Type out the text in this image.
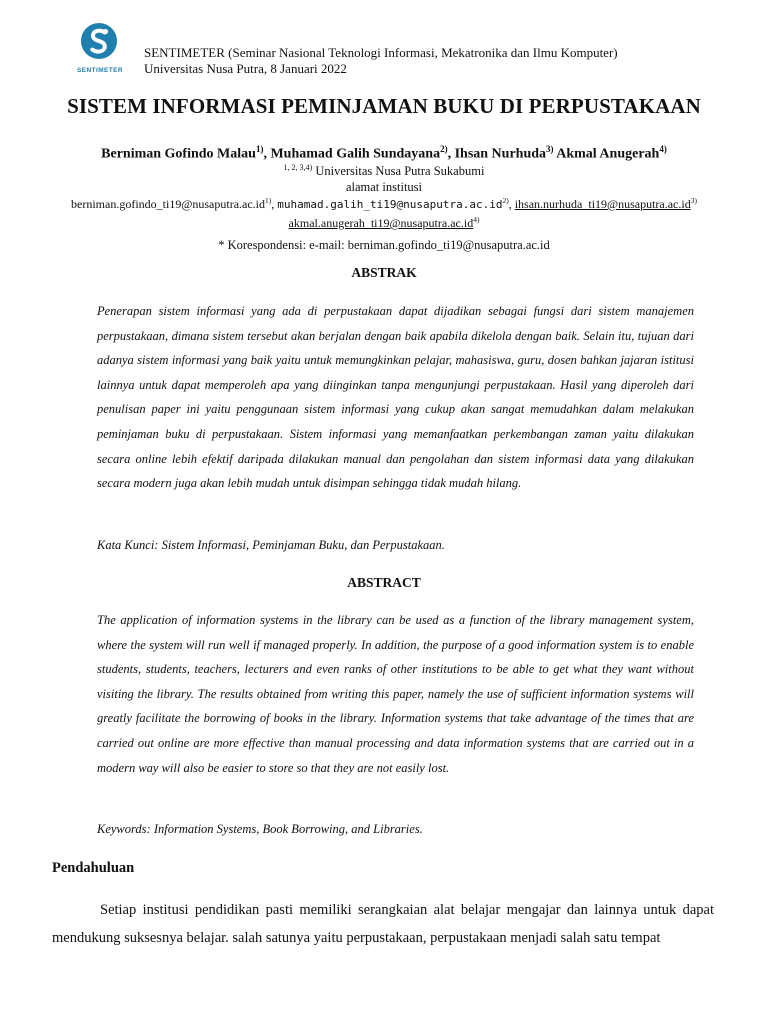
SENTIMETER
SENTIMETER (Seminar Nasional Teknologi Informasi, Mekatronika dan Ilmu Komputer)
Universitas Nusa Putra, 8 Januari 2022
SISTEM INFORMASI PEMINJAMAN BUKU DI PERPUSTAKAAN
Berniman Gofindo Malau$^{1)}$, Muhamad Galih Sundayana$^{2)}$, Ihsan Nurhuda$^{3)}$ Akmal Anugerah$^{4)}$
$^{1, 2, 3,4)}$ Universitas Nusa Putra Sukabumi
alamat institusi
$berniman.gofindo\_ti19@nusaputra.ac.id^{1)}$, $muhamad.galih\_ti19@nusaputra.ac.id^{2)}$, $ihsan.nurhuda\_ti19@nusaputra.ac.id^{3)}$
$akmal.anugerah\_ti19@nusaputra.ac.id^{4)}$
* Korespondensi: e-mail: berniman.gofindo_ti19@nusaputra.ac.id
ABSTRAK
Penerapan sistem informasi yang ada di perpustakaan dapat dijadikan sebagai fungsi dari sistem manajemen perpustakaan, dimana sistem tersebut akan berjalan dengan baik apabila dikelola dengan baik. Selain itu, tujuan dari adanya sistem informasi yang baik yaitu untuk memungkinkan pelajar, mahasiswa, guru, dosen bahkan jajaran istitusi lainnya untuk dapat memperoleh apa yang diinginkan tanpa mengunjungi perpustakaan. Hasil yang diperoleh dari penulisan paper ini yaitu penggunaan sistem informasi yang cukup akan sangat memudahkan dalam melakukan peminjaman buku di perpustakaan. Sistem informasi yang memanfaatkan perkembangan zaman yaitu dilakukan secara online lebih efektif daripada dilakukan manual dan pengolahan dan sistem informasi data yang dilakukan secara modern juga akan lebih mudah untuk disimpan sehingga tidak mudah hilang.
Kata Kunci: Sistem Informasi, Peminjaman Buku, dan Perpustakaan.
ABSTRACT
The application of information systems in the library can be used as a function of the library management system, where the system will run well if managed properly. In addition, the purpose of a good information system is to enable students, students, teachers, lecturers and even ranks of other institutions to be able to get what they want without visiting the library. The results obtained from writing this paper, namely the use of sufficient information systems will greatly facilitate the borrowing of books in the library. Information systems that take advantage of the times that are carried out online are more effective than manual processing and data information systems that are carried out in a modern way will also be easier to store so that they are not easily lost.
Keywords: Information Systems, Book Borrowing, and Libraries.
Pendahuluan
Setiap institusi pendidikan pasti memiliki serangkaian alat belajar mengajar dan lainnya untuk dapat mendukung suksesnya belajar. salah satunya yaitu perpustakaan, perpustakaan menjadi salah satu tempat
